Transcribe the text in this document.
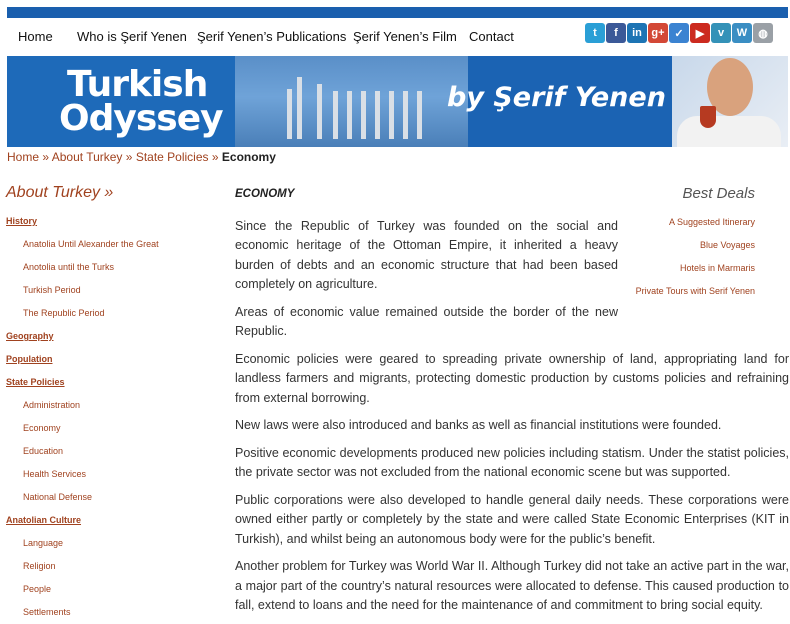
Home Who is Şerif Yenen Şerif Yenen’s Publications Şerif Yenen’s Film Contact	t	f	in g+ ✓	▶	v	W	◍
Turkish
Odyssey
by Şerif Yenen
Home » About Turkey » State Policies » Economy
About Turkey »
History
Anatolia Until Alexander the Great
Anotolia until the Turks
Turkish Period
The Republic Period
Geography
Population
State Policies
Administration
Economy
Education
Health Services
National Defense
Anatolian Culture
Language
Religion
People
Settlements
ECONOMY

Since the Republic of Turkey was founded on the social and economic heritage of the Ottoman Empire, it inherited a heavy burden of debts and an economic structure that had been based completely on agriculture.

Areas of economic value remained outside the border of the new Republic.

Economic policies were geared to spreading private ownership of land, appropriating land for landless farmers and migrants, protecting domestic production by customs policies and refraining from external borrowing.

New laws were also introduced and banks as well as financial institutions were founded.

Positive economic developments produced new policies including statism. Under the statist policies, the private sector was not excluded from the national economic scene but was supported.

Public corporations were also developed to handle general daily needs. These corporations were owned either partly or completely by the state and were called State Economic Enterprises (KIT in Turkish), and whilst being an autonomous body were for the public’s benefit.

Another problem for Turkey was World War II. Although Turkey did not take an active part in the war, a major part of the country’s natural resources were allocated to defense. This caused production to fall, extend to loans and the need for the maintenance of and commitment to bring social equity.

Best Deals
A Suggested Itinerary
Blue Voyages
Hotels in Marmaris
Private Tours with Serif Yenen
